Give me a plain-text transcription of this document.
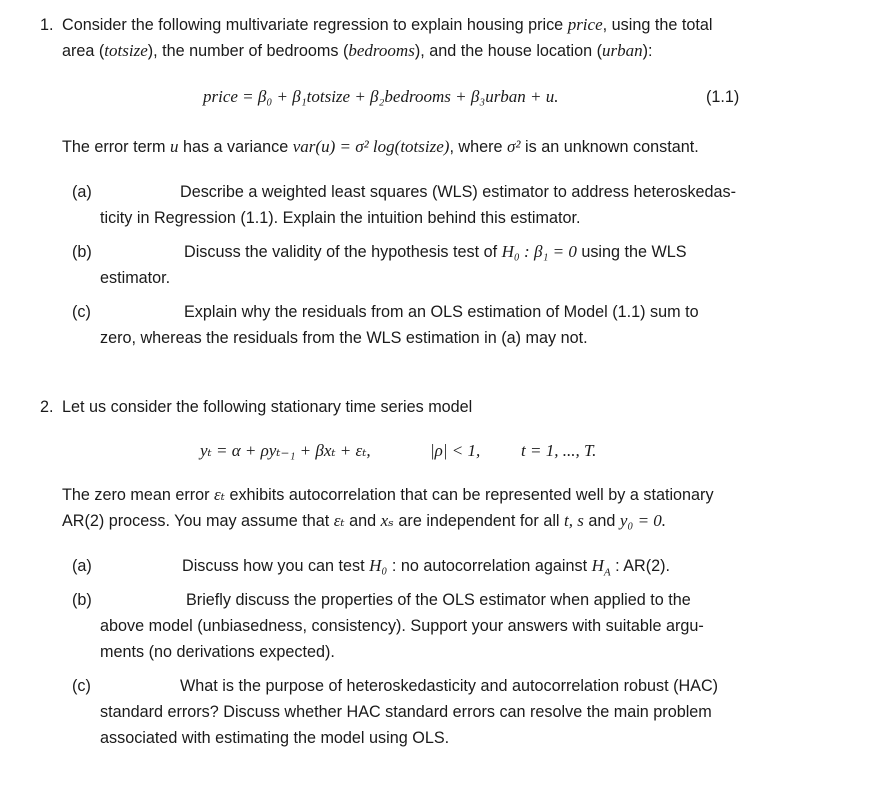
1. Consider the following multivariate regression to explain housing price price, using the total
area (totsize), the number of bedrooms (bedrooms), and the house location (urban):
price = β₀ + β₁totsize + β₂bedrooms + β₃urban + u.	(1.1)
The error term u has a variance var(u) = σ² log(totsize), where σ² is an unknown constant.
(a)	Describe a weighted least squares (WLS) estimator to address heteroskedas-
ticity in Regression (1.1). Explain the intuition behind this estimator.
(b)	Discuss the validity of the hypothesis test of H₀ : β₁ = 0 using the WLS
estimator.
(c)	Explain why the residuals from an OLS estimation of Model (1.1) sum to
zero, whereas the residuals from the WLS estimation in (a) may not.
2. Let us consider the following stationary time series model
yₜ = α + ρyₜ₋₁ + βxₜ + εₜ,	|ρ| < 1, t = 1, ..., T.
The zero mean error εₜ exhibits autocorrelation that can be represented well by a stationary
AR(2) process. You may assume that εₜ and xₛ are independent for all t, s and y₀ = 0.
(a)	Discuss how you can test H₀ : no autocorrelation against $H_A$ : AR(2).
(b)	Briefly discuss the properties of the OLS estimator when applied to the
above model (unbiasedness, consistency). Support your answers with suitable argu-
ments (no derivations expected).
(c)	What is the purpose of heteroskedasticity and autocorrelation robust (HAC)
standard errors? Discuss whether HAC standard errors can resolve the main problem
associated with estimating the model using OLS.
